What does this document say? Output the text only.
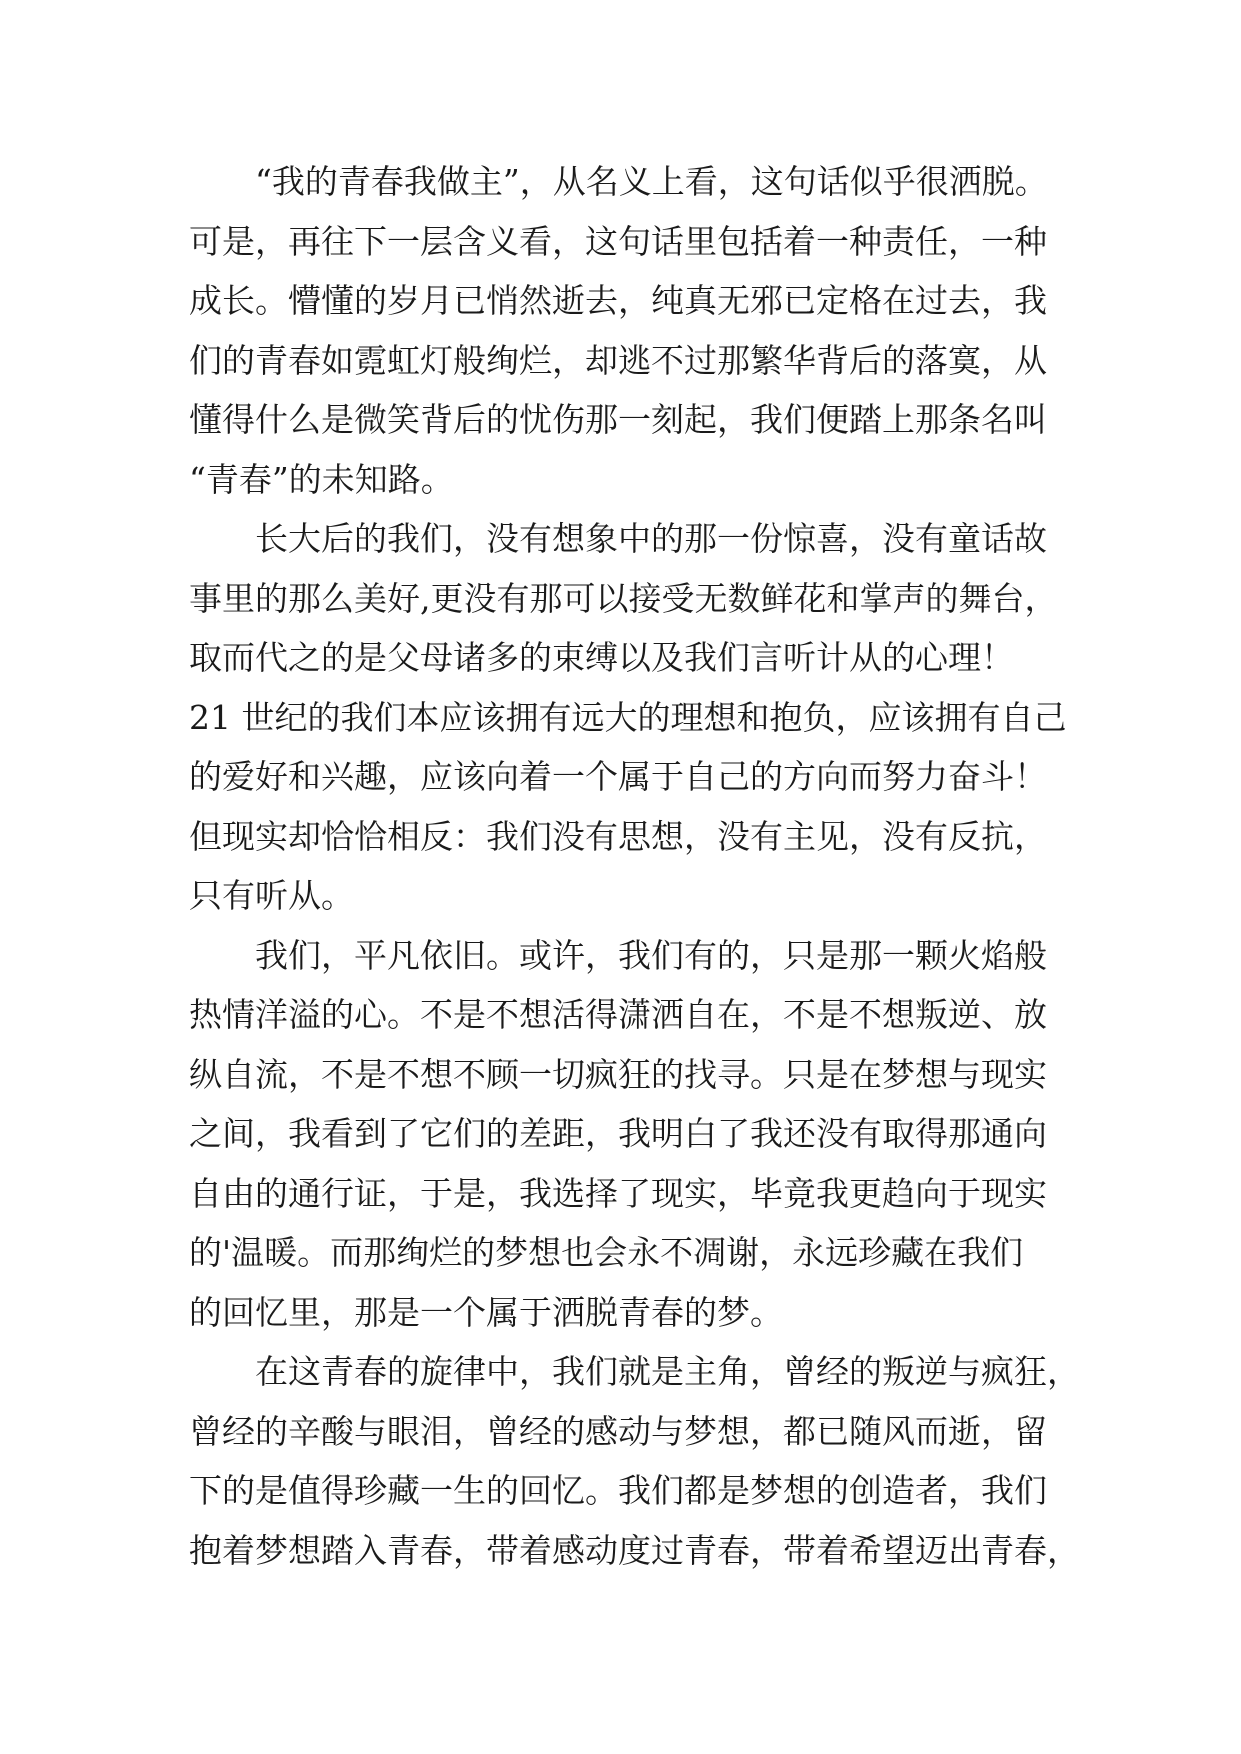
“我的青春我做主”，从名义上看，这句话似乎很洒脱。
可是，再往下一层含义看，这句话里包括着一种责任，一种
成长。懵懂的岁月已悄然逝去，纯真无邪已定格在过去，我
们的青春如霓虹灯般绚烂，却逃不过那繁华背后的落寞，从
懂得什么是微笑背后的忧伤那一刻起，我们便踏上那条名叫
“青春”的未知路。
长大后的我们，没有想象中的那一份惊喜，没有童话故
事里的那么美好,更没有那可以接受无数鲜花和掌声的舞台，
取而代之的是父母诸多的束缚以及我们言听计从的心理！
21 世纪的我们本应该拥有远大的理想和抱负，应该拥有自己
的爱好和兴趣，应该向着一个属于自己的方向而努力奋斗！
但现实却恰恰相反：我们没有思想，没有主见，没有反抗，
只有听从。
我们，平凡依旧。或许，我们有的，只是那一颗火焰般
热情洋溢的心。不是不想活得潇洒自在，不是不想叛逆、放
纵自流，不是不想不顾一切疯狂的找寻。只是在梦想与现实
之间，我看到了它们的差距，我明白了我还没有取得那通向
自由的通行证，于是，我选择了现实，毕竟我更趋向于现实
的'温暖。而那绚烂的梦想也会永不凋谢，永远珍藏在我们
的回忆里，那是一个属于洒脱青春的梦。
在这青春的旋律中，我们就是主角，曾经的叛逆与疯狂，
曾经的辛酸与眼泪，曾经的感动与梦想，都已随风而逝，留
下的是值得珍藏一生的回忆。我们都是梦想的创造者，我们
抱着梦想踏入青春，带着感动度过青春，带着希望迈出青春，
